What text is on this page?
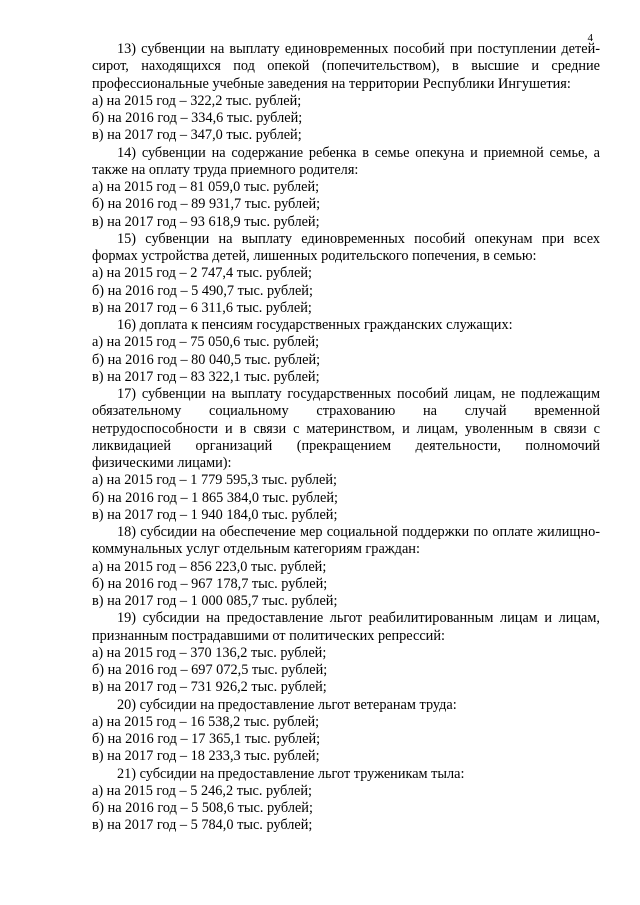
4

13) субвенции на выплату единовременных пособий при поступлении детей-сирот, находящихся под опекой (попечительством), в высшие и средние профессиональные учебные заведения на территории Республики Ингушетия:

а) на 2015 год – 322,2 тыс. рублей;

б) на 2016 год – 334,6 тыс. рублей;

в) на 2017 год – 347,0 тыс. рублей;

14) субвенции на содержание ребенка в семье опекуна и приемной семье, а также на оплату труда приемного родителя:

а) на 2015 год – 81 059,0 тыс. рублей;

б) на 2016 год – 89 931,7 тыс. рублей;

в) на 2017 год – 93 618,9 тыс. рублей;

15) субвенции на выплату единовременных пособий опекунам при всех формах устройства детей, лишенных родительского попечения, в семью:

а) на 2015 год – 2 747,4 тыс. рублей;

б) на 2016 год – 5 490,7 тыс. рублей;

в) на 2017 год – 6 311,6 тыс. рублей;

16) доплата к пенсиям государственных гражданских служащих:

а) на 2015 год – 75 050,6 тыс. рублей;

б) на 2016 год – 80 040,5 тыс. рублей;

в) на 2017 год – 83 322,1 тыс. рублей;

17) субвенции на выплату государственных пособий лицам, не подлежащим обязательному социальному страхованию на случай временной нетрудоспособности и в связи с материнством, и лицам, уволенным в связи с ликвидацией организаций (прекращением деятельности, полномочий физическими лицами):

а) на 2015 год – 1 779 595,3 тыс. рублей;

б) на 2016 год – 1 865 384,0 тыс. рублей;

в) на 2017 год – 1 940 184,0 тыс. рублей;

18) субсидии на обеспечение мер социальной поддержки по оплате жилищно-коммунальных услуг отдельным категориям граждан:

а) на 2015 год – 856 223,0 тыс. рублей;

б) на 2016 год – 967 178,7 тыс. рублей;

в) на 2017 год – 1 000 085,7 тыс. рублей;

19) субсидии на предоставление льгот реабилитированным лицам и лицам, признанным пострадавшими от политических репрессий:

а) на 2015 год – 370 136,2 тыс. рублей;

б) на 2016 год – 697 072,5 тыс. рублей;

в) на 2017 год – 731 926,2 тыс. рублей;

20) субсидии на предоставление льгот ветеранам труда:

а) на 2015 год – 16 538,2 тыс. рублей;

б) на 2016 год – 17 365,1 тыс. рублей;

в) на 2017 год – 18 233,3 тыс. рублей;

21) субсидии на предоставление льгот труженикам тыла:

а) на 2015 год – 5 246,2 тыс. рублей;

б) на 2016 год – 5 508,6 тыс. рублей;

в) на 2017 год – 5 784,0 тыс. рублей;
